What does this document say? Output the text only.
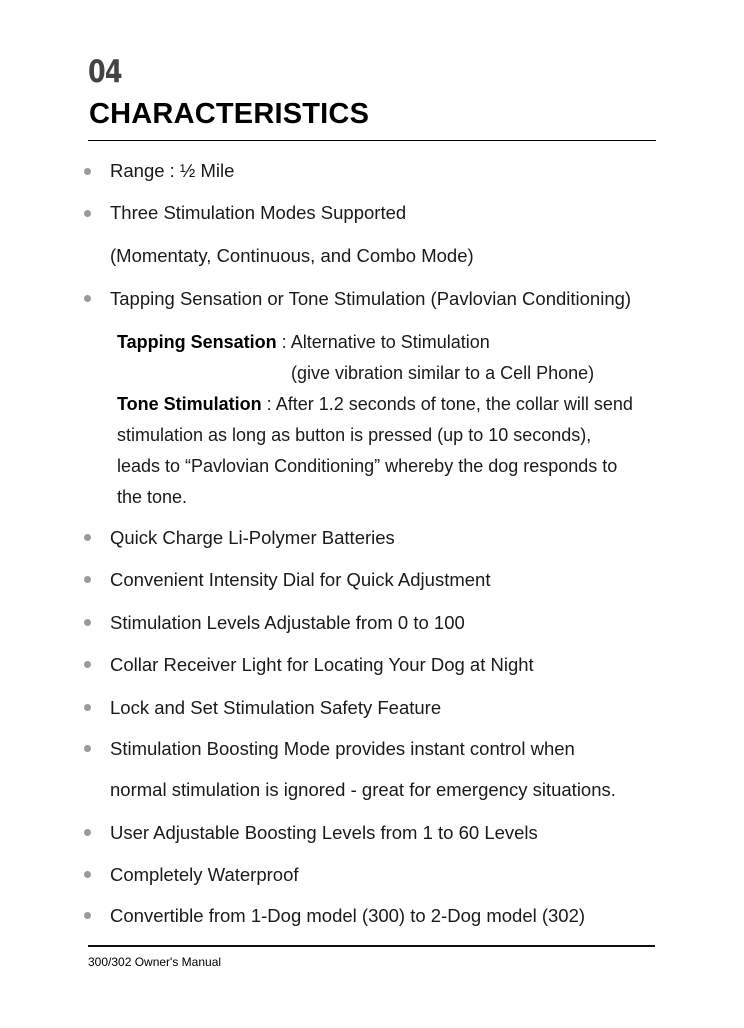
04
CHARACTERISTICS
Range : ½ Mile
Three Stimulation Modes Supported
(Momentaty, Continuous, and Combo Mode)
Tapping Sensation or Tone Stimulation (Pavlovian Conditioning)
Tapping Sensation : Alternative to Stimulation
(give vibration similar to a Cell Phone)
Tone Stimulation : After 1.2 seconds of tone, the collar will send
stimulation as long as button is pressed (up to 10 seconds),
leads to “Pavlovian Conditioning” whereby the dog responds to
the tone.
Quick Charge Li-Polymer Batteries
Convenient Intensity Dial for Quick Adjustment
Stimulation Levels Adjustable from 0 to 100
Collar Receiver Light for Locating Your Dog at Night
Lock and Set Stimulation Safety Feature
Stimulation Boosting Mode provides instant control when
normal stimulation is ignored - great for emergency situations.
User Adjustable Boosting Levels from 1 to 60 Levels
Completely Waterproof
Convertible from 1-Dog model (300) to 2-Dog model (302)
300/302 Owner's Manual
